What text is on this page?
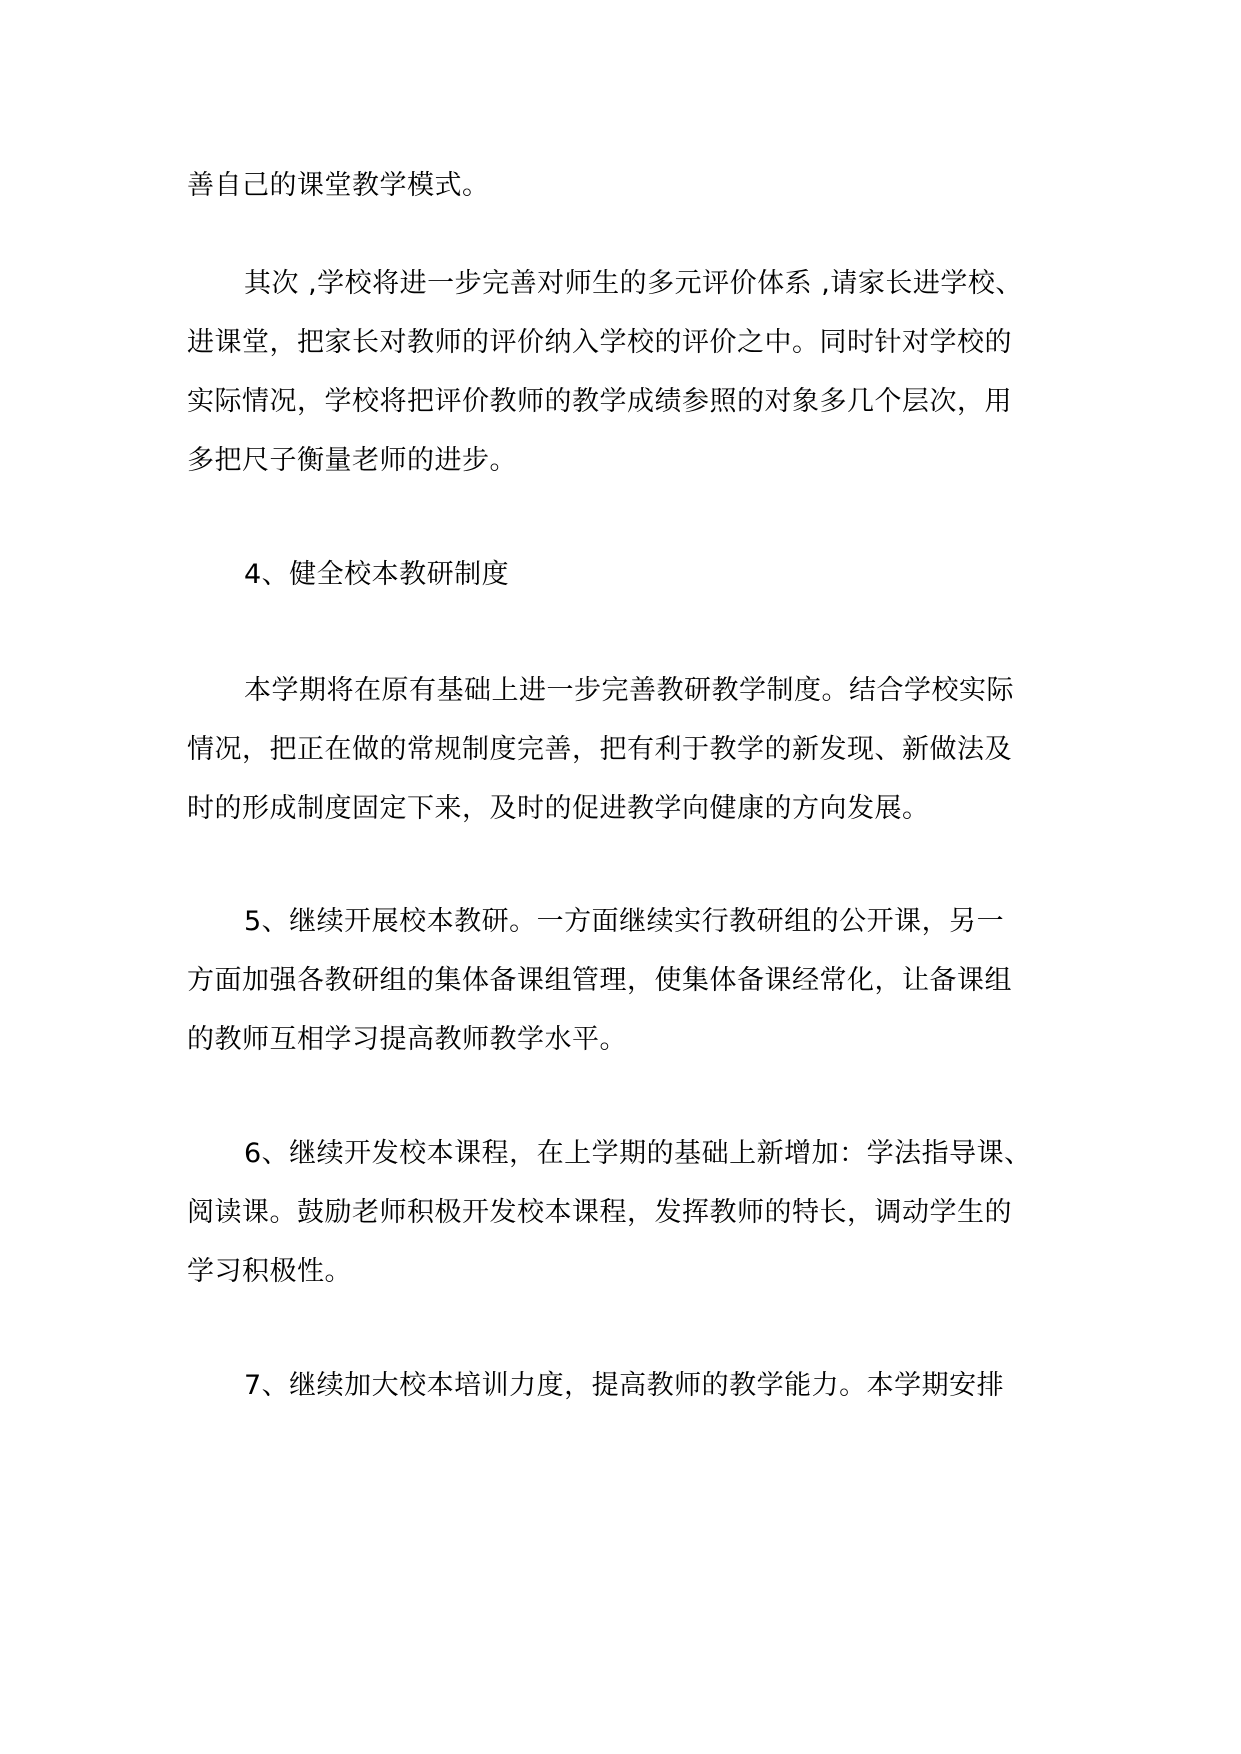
善自己的课堂教学模式。

其次 ,学校将进一步完善对师生的多元评价体系 ,请家长进学校、
进课堂，把家长对教师的评价纳入学校的评价之中。同时针对学校的
实际情况，学校将把评价教师的教学成绩参照的对象多几个层次，用
多把尺子衡量老师的进步。

4、健全校本教研制度

本学期将在原有基础上进一步完善教研教学制度。结合学校实际
情况，把正在做的常规制度完善，把有利于教学的新发现、新做法及
时的形成制度固定下来，及时的促进教学向健康的方向发展。

5、继续开展校本教研。一方面继续实行教研组的公开课，另一
方面加强各教研组的集体备课组管理，使集体备课经常化，让备课组
的教师互相学习提高教师教学水平。

6、继续开发校本课程，在上学期的基础上新增加：学法指导课、
阅读课。鼓励老师积极开发校本课程，发挥教师的特长，调动学生的
学习积极性。

7、继续加大校本培训力度，提高教师的教学能力。本学期安排
